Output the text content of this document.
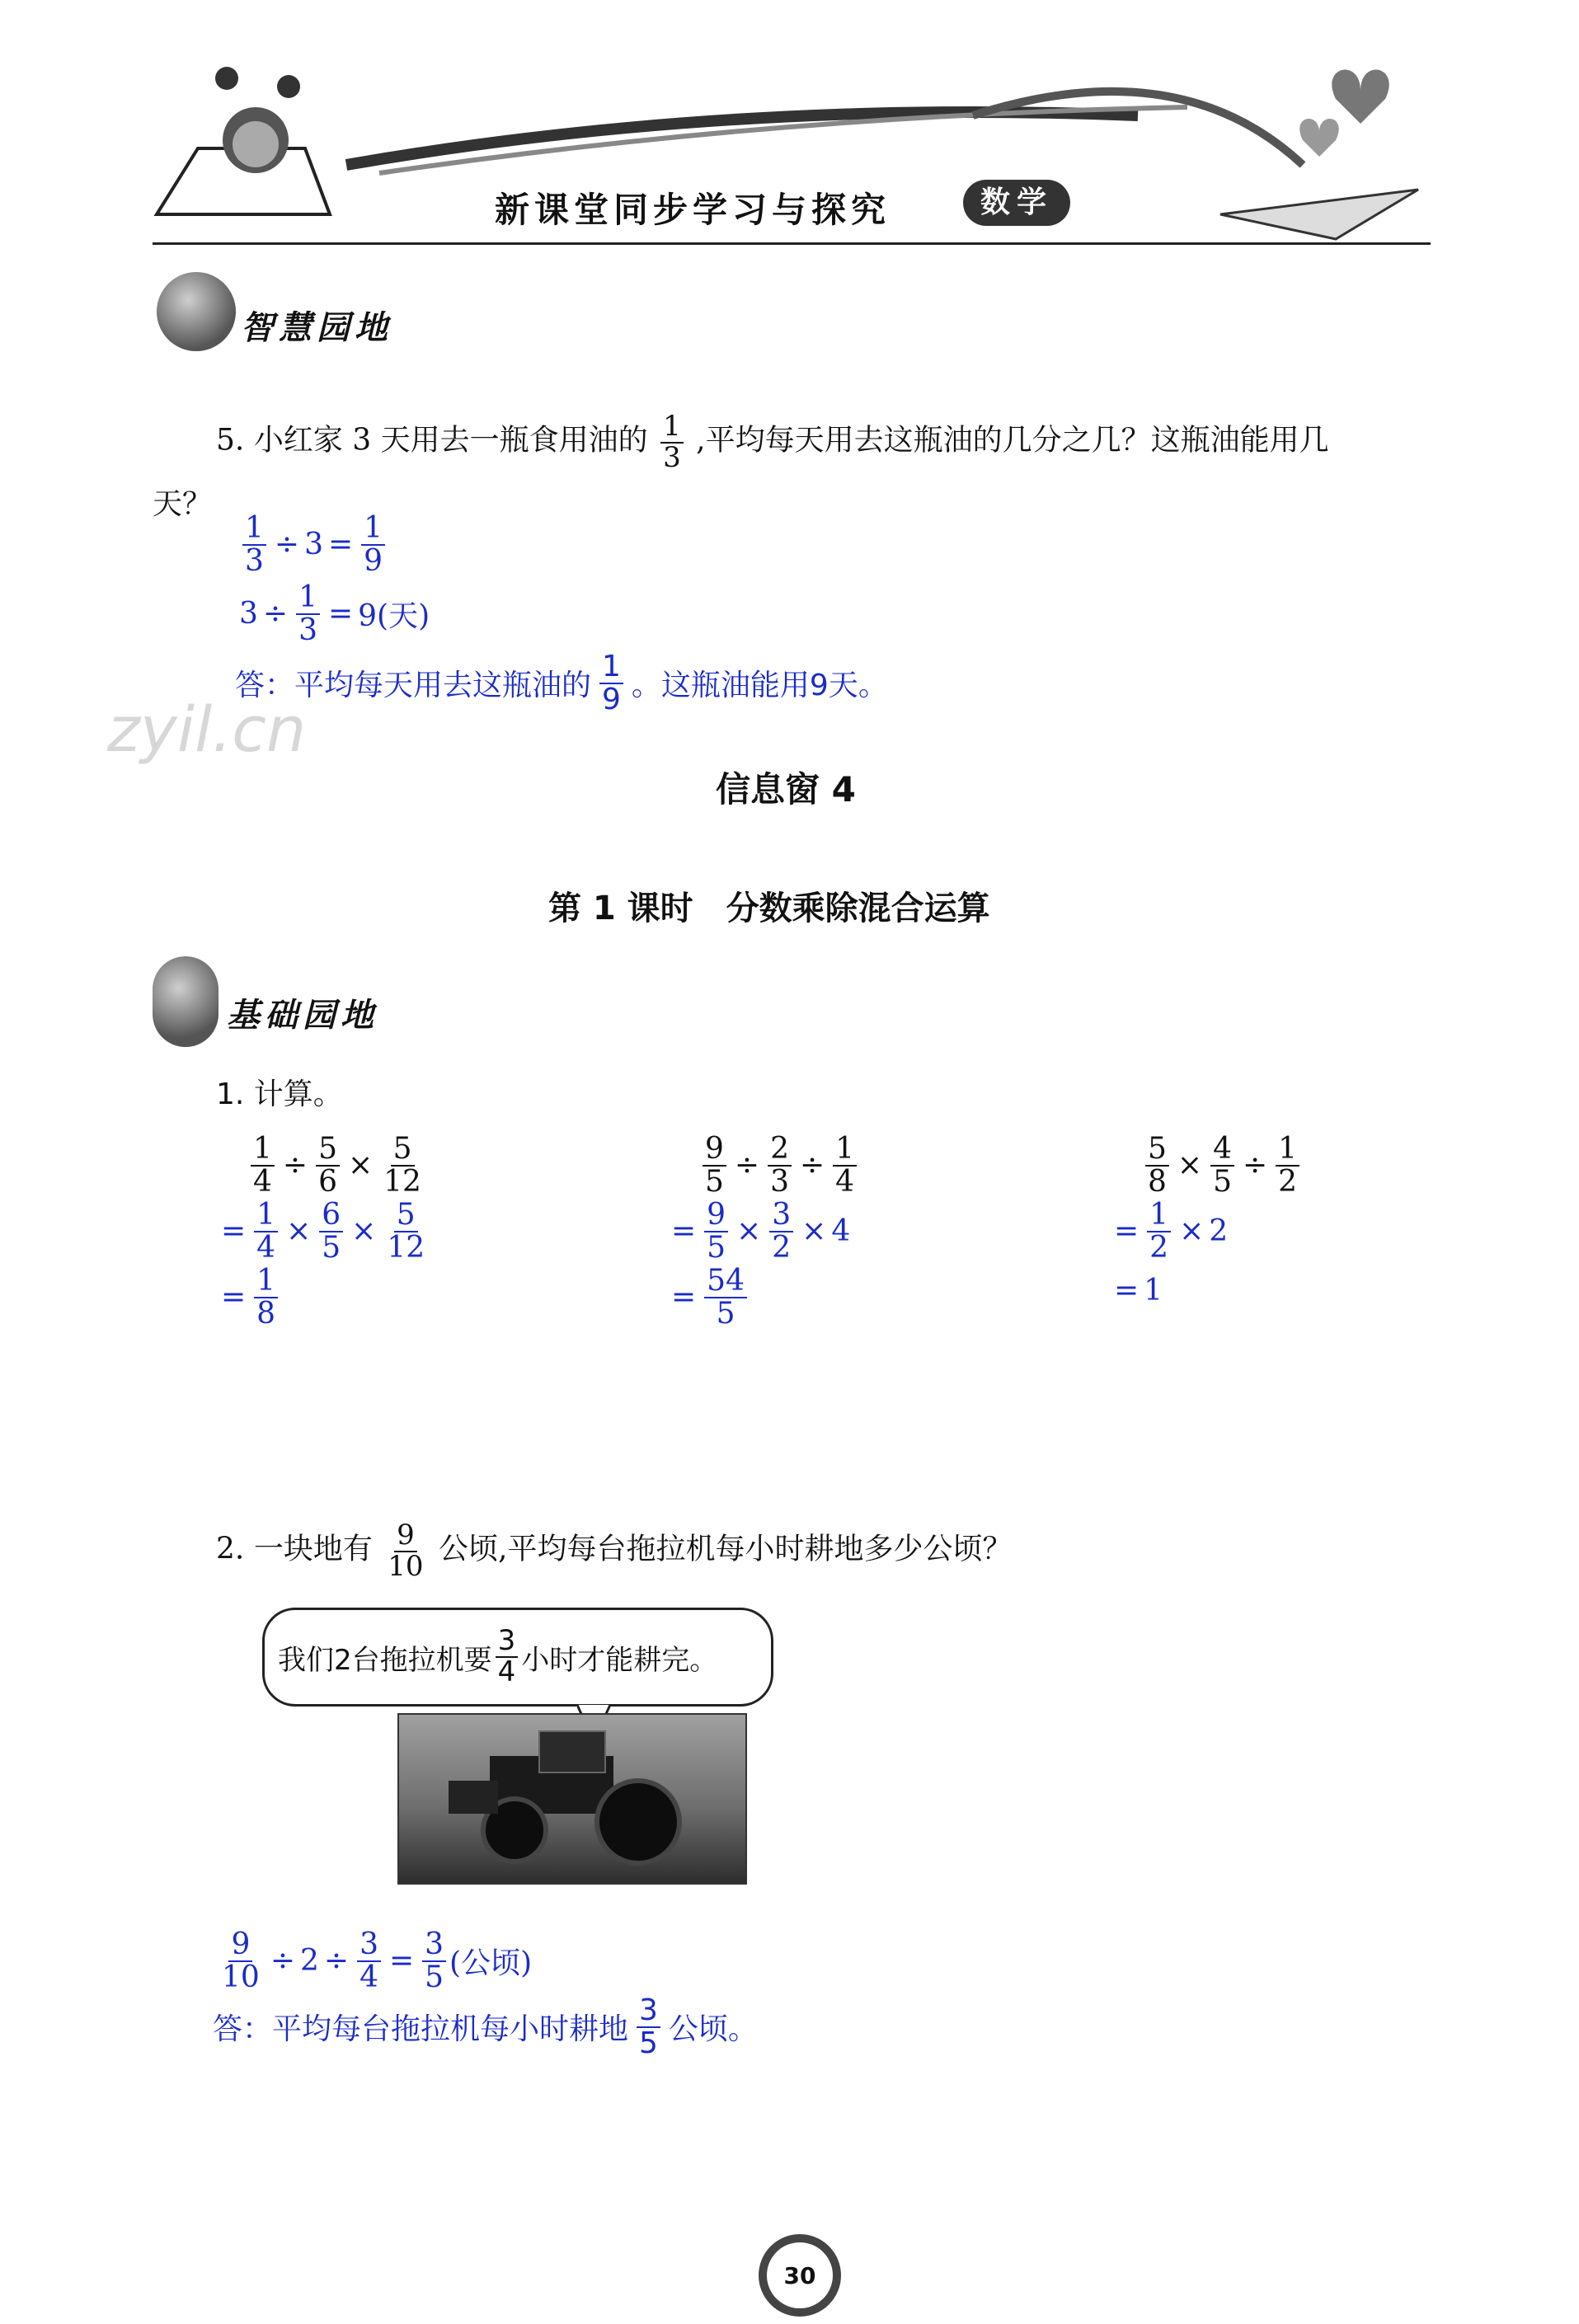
新课堂同步学习与探究	数学
智慧园地
5. 小红家 3 天用去一瓶食用油的 $\frac{1}{3}$ ,平均每天用去这瓶油的几分之几？这瓶油能用几
天？
$\frac{1}{3} \div 3 = \frac{1}{9}$
$3 \div \frac{1}{3} = 9$(天)
答：平均每天用去这瓶油的 $\frac{1}{9}$ 。这瓶油能用9天。
zyil.cn
信息窗 4
第 1 课时　分数乘除混合运算
基础园地
1. 计算。
$\frac{1}{4} \div \frac{5}{6} \times \frac{5}{12}$
= $\frac{1}{4} \times \frac{6}{5} \times \frac{5}{12}$
= $\frac{1}{8}$
$\frac{9}{5} \div \frac{2}{3} \div \frac{1}{4}$
= $\frac{9}{5} \times \frac{3}{2} \times 4$
= $\frac{54}{5}$
$\frac{5}{8} \times \frac{4}{5} \div \frac{1}{2}$
= $\frac{1}{2} \times 2$
= 1
2. 一块地有 $\frac{9}{10}$ 公顷,平均每台拖拉机每小时耕地多少公顷？
我们2台拖拉机要 $\frac{3}{4}$ 小时才能耕完。
$\frac{9}{10} \div 2 \div \frac{3}{4} = \frac{3}{5}$ (公顷)
答：平均每台拖拉机每小时耕地 $\frac{3}{5}$ 公顷。
30
